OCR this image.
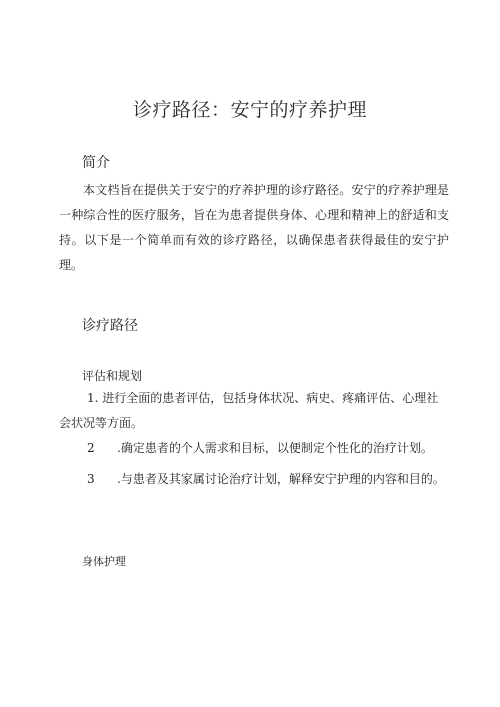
诊疗路径：安宁的疗养护理
简介
本文档旨在提供关于安宁的疗养护理的诊疗路径。安宁的疗养护理是一种综合性的医疗服务，旨在为患者提供身体、心理和精神上的舒适和支持。以下是一个简单而有效的诊疗路径，以确保患者获得最佳的安宁护理。
诊疗路径
评估和规划
1. 进行全面的患者评估，包括身体状况、病史、疼痛评估、心理社会状况等方面。
2 .确定患者的个人需求和目标，以便制定个性化的治疗计划。
3 .与患者及其家属讨论治疗计划，解释安宁护理的内容和目的。
身体护理
